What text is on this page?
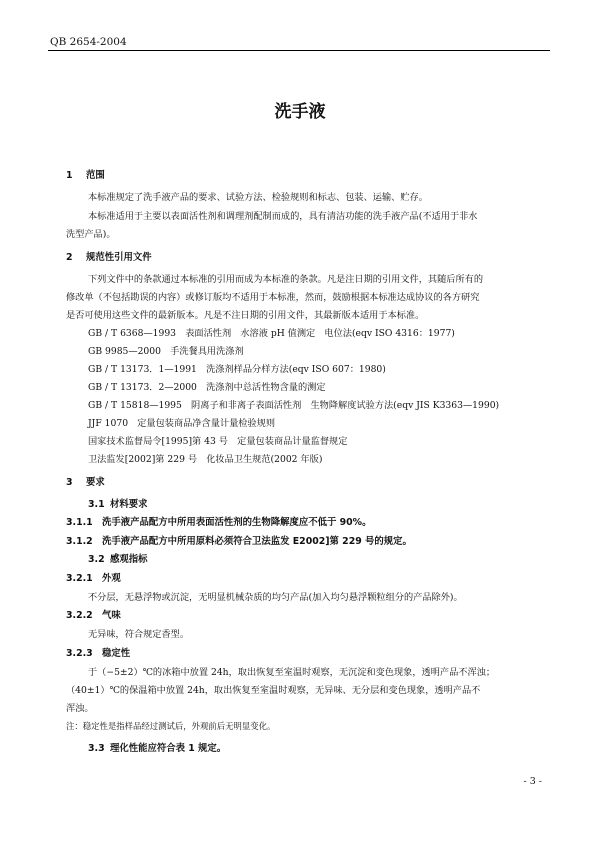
QB 2654-2004
洗手液
1 范围
本标准规定了洗手液产品的要求、试验方法、检验规则和标志、包装、运输、贮存。
本标准适用于主要以表面活性剂和调理剂配制而成的，具有清洁功能的洗手液产品(不适用于非水
洗型产品)。
2 规范性引用文件
下列文件中的条款通过本标准的引用而成为本标准的条款。凡是注日期的引用文件，其随后所有的
修改单（不包括勘误的内容）或修订版均不适用于本标准，然而，鼓励根据本标准达成协议的各方研究
是否可使用这些文件的最新版本。凡是不注日期的引用文件，其最新版本适用于本标准。
GB / T 6368—1993　表面活性剂　水溶液 pH 值测定　电位法(eqv ISO 4316：1977)
GB 9985—2000　手洗餐具用洗涤剂
GB / T 13173．1—1991　洗涤剂样品分样方法(eqv ISO 607：1980)
GB / T 13173．2—2000　洗涤剂中总活性物含量的测定
GB / T 15818—1995　阴离子和非离子表面活性剂　生物降解度试验方法(eqv JIS K3363—1990)
JJF 1070　定量包装商品净含量计量检验规则
国家技术监督局令[1995]第 43 号　定量包装商品计量监督规定
卫法监发[2002]第 229 号　化妆品卫生规范(2002 年版)
3 要求
3.1 材料要求
3.1.1 洗手液产品配方中所用表面活性剂的生物降解度应不低于 90%。
3.1.2 洗手液产品配方中所用原料必须符合卫法监发 E2002]第 229 号的规定。
3.2 感观指标
3.2.1 外观
不分层，无悬浮物或沉淀，无明显机械杂质的均匀产品(加入均匀悬浮颗粒组分的产品除外)。
3.2.2 气味
无异味，符合规定香型。
3.2.3 稳定性
于（−5±2）℃的冰箱中放置 24h，取出恢复至室温时观察，无沉淀和变色现象，透明产品不浑浊；
（40±1）℃的保温箱中放置 24h，取出恢复至室温时观察，无异味、无分层和变色现象，透明产品不
浑浊。
注：稳定性是指样品经过测试后，外观前后无明显变化。
3.3 理化性能应符合表 1 规定。
- 3 -
